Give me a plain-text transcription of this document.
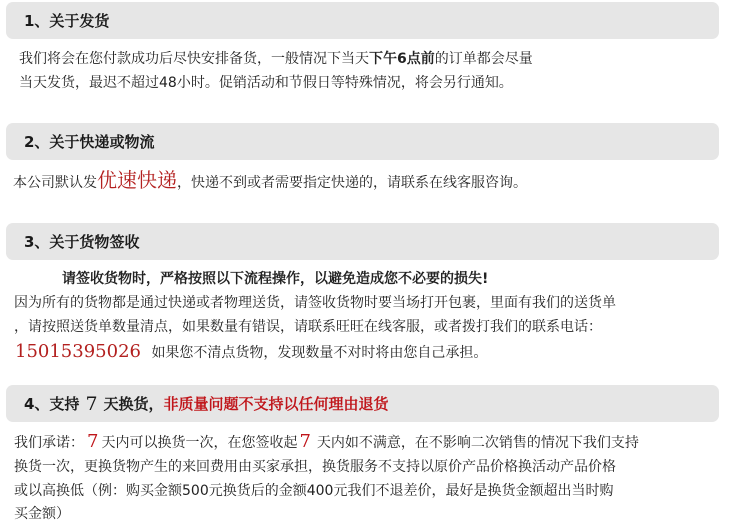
1、关于发货
我们将会在您付款成功后尽快安排备货，一般情况下当天下午6点前的订单都会尽量
当天发货，最迟不超过48小时。促销活动和节假日等特殊情况，将会另行通知。
2、关于快递或物流
本公司默认发优速快递，快递不到或者需要指定快递的，请联系在线客服咨询。
3、关于货物签收
请签收货物时，严格按照以下流程操作，以避免造成您不必要的损失!
因为所有的货物都是通过快递或者物理送货，请签收货物时要当场打开包裹，里面有我们的送货单
，请按照送货单数量清点，如果数量有错误，请联系旺旺在线客服，或者拨打我们的联系电话：
15015395026 如果您不清点货物，发现数量不对时将由您自己承担。
4、支持 7 天换货， 非质量问题不支持以任何理由退货
我们承诺： 7 天内可以换货一次，在您签收起 7 天内如不满意，在不影响二次销售的情况下我们支持
换货一次，更换货物产生的来回费用由买家承担，换货服务不支持以原价产品价格换活动产品价格
或以高换低（例：购买金额500元换货后的金额400元我们不退差价，最好是换货金额超出当时购
买金额）
